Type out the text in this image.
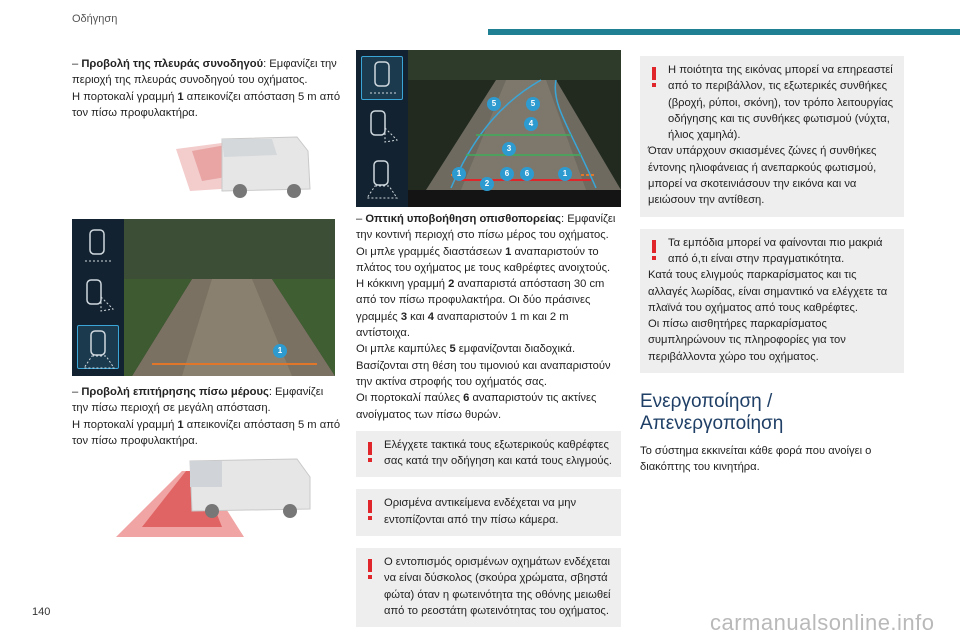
Οδήγηση

– Προβολή της πλευράς συνοδηγού: Εμφανίζει την περιοχή της πλευράς συνοδηγού του οχήματος.

Η πορτοκαλί γραμμή 1 απεικονίζει απόσταση 5 m από τον πίσω προφυλακτήρα.

1

– Προβολή επιτήρησης πίσω μέρους: Εμφανίζει την πίσω περιοχή σε μεγάλη απόσταση.

Η πορτοκαλί γραμμή 1 απεικονίζει απόσταση 5 m από τον πίσω προφυλακτήρα.

5	5
4
3
1
2
6	6	1

– Οπτική υποβοήθηση οπισθοπορείας: Εμφανίζει την κοντινή περιοχή στο πίσω μέρος του οχήματος.

Οι μπλε γραμμές διαστάσεων 1 αναπαριστούν το πλάτος του οχήματος με τους καθρέφτες ανοιχτούς.

Η κόκκινη γραμμή 2 αναπαριστά απόσταση 30 cm από τον πίσω προφυλακτήρα. Οι δύο πράσινες γραμμές 3 και 4 αναπαριστούν 1 m και 2 m αντίστοιχα.

Οι μπλε καμπύλες 5 εμφανίζονται διαδοχικά. Βασίζονται στη θέση του τιμονιού και αναπαριστούν την ακτίνα στροφής του οχήματός σας.

Οι πορτοκαλί παύλες 6 αναπαριστούν τις ακτίνες ανοίγματος των πίσω θυρών.

Ελέγχετε τακτικά τους εξωτερικούς καθρέφτες σας κατά την οδήγηση και κατά τους ελιγμούς.
Ορισμένα αντικείμενα ενδέχεται να μην εντοπίζονται από την πίσω κάμερα.
Ο εντοπισμός ορισμένων οχημάτων ενδέχεται να είναι δύσκολος (σκούρα χρώματα, σβηστά φώτα) όταν η φωτεινότητα της οθόνης μειωθεί από το ρεοστάτη φωτεινότητας του οχήματος.
Η ποιότητα της εικόνας μπορεί να επηρεαστεί από το περιβάλλον, τις εξωτερικές συνθήκες (βροχή, ρύποι, σκόνη), τον τρόπο λειτουργίας οδήγησης και τις συνθήκες φωτισμού (νύχτα, ήλιος χαμηλά).
Όταν υπάρχουν σκιασμένες ζώνες ή συνθήκες έντονης ηλιοφάνειας ή ανεπαρκούς φωτισμού, μπορεί να σκοτεινιάσουν την εικόνα και να μειώσουν την αντίθεση.
Τα εμπόδια μπορεί να φαίνονται πιο μακριά από ό,τι είναι στην πραγματικότητα.
Κατά τους ελιγμούς παρκαρίσματος και τις αλλαγές λωρίδας, είναι σημαντικό να ελέγχετε τα πλαϊνά του οχήματος από τους καθρέφτες.
Οι πίσω αισθητήρες παρκαρίσματος συμπληρώνουν τις πληροφορίες για τον περιβάλλοντα χώρο του οχήματος.
Ενεργοποίηση / Απενεργοποίηση

Το σύστημα εκκινείται κάθε φορά που ανοίγει ο διακόπτης του κινητήρα.

140	carmanualsonline.info
